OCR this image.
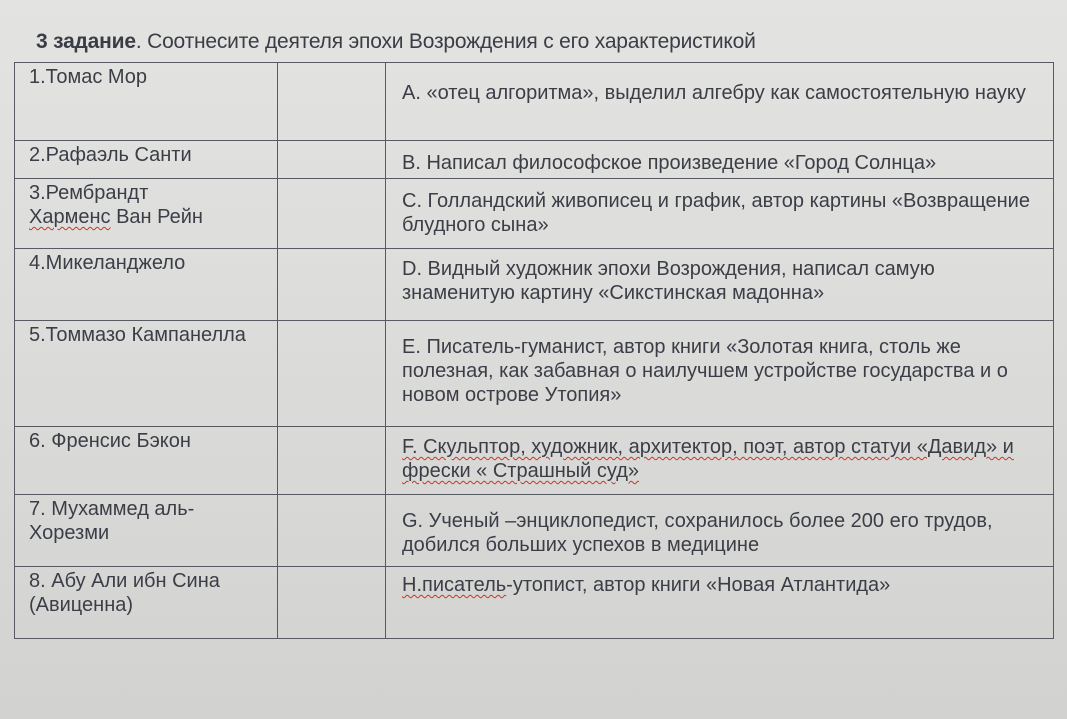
3 задание. Соотнесите деятеля эпохи Возрождения с его характеристикой
1.Томас Мор		А. «отец алгоритма», выделил алгебру как самостоятельную науку
2.Рафаэль Санти		В. Написал философское произведение «Город Солнца»
3.Рембрандт
Харменс Ван Рейн		С. Голландский живописец и график, автор картины «Возвращение блудного сына»
4.Микеланджело		D. Видный художник эпохи Возрождения, написал самую знаменитую картину «Сикстинская мадонна»
5.Томмазо Кампанелла		Е. Писатель-гуманист, автор книги «Золотая книга, столь же полезная, как забавная о наилучшем устройстве государства и о новом острове Утопия»
6. Френсис Бэкон		F. Скульптор, художник, архитектор, поэт, автор статуи «Давид» и фрески « Страшный суд»
7. Мухаммед аль-Хорезми		G. Ученый –энциклопедист, сохранилось более 200 его трудов, добился больших успехов в медицине
8. Абу Али ибн Сина (Авиценна)		Н.писатель-утопист, автор книги «Новая Атлантида»
